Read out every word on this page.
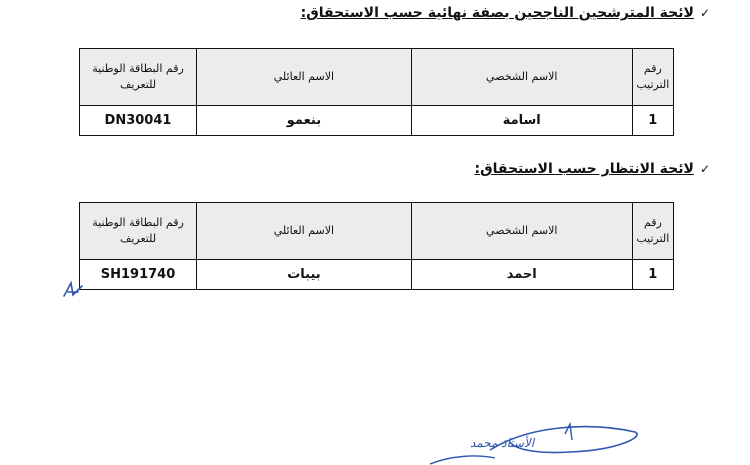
✓
لائحة المترشحين الناجحين بصفة نهائية حسب الاستحقاق:
رقم الترتيب	الاسم الشخصي	الاسم العائلي	رقم البطاقة الوطنية للتعريف
1	اسامة	بنعمو	DN30041
✓
لائحة الانتظار حسب الاستحقاق:
رقم الترتيب	الاسم الشخصي	الاسم العائلي	رقم البطاقة الوطنية للتعريف
1	احمد	بيبات	SH191740
الأستاذ محمد
